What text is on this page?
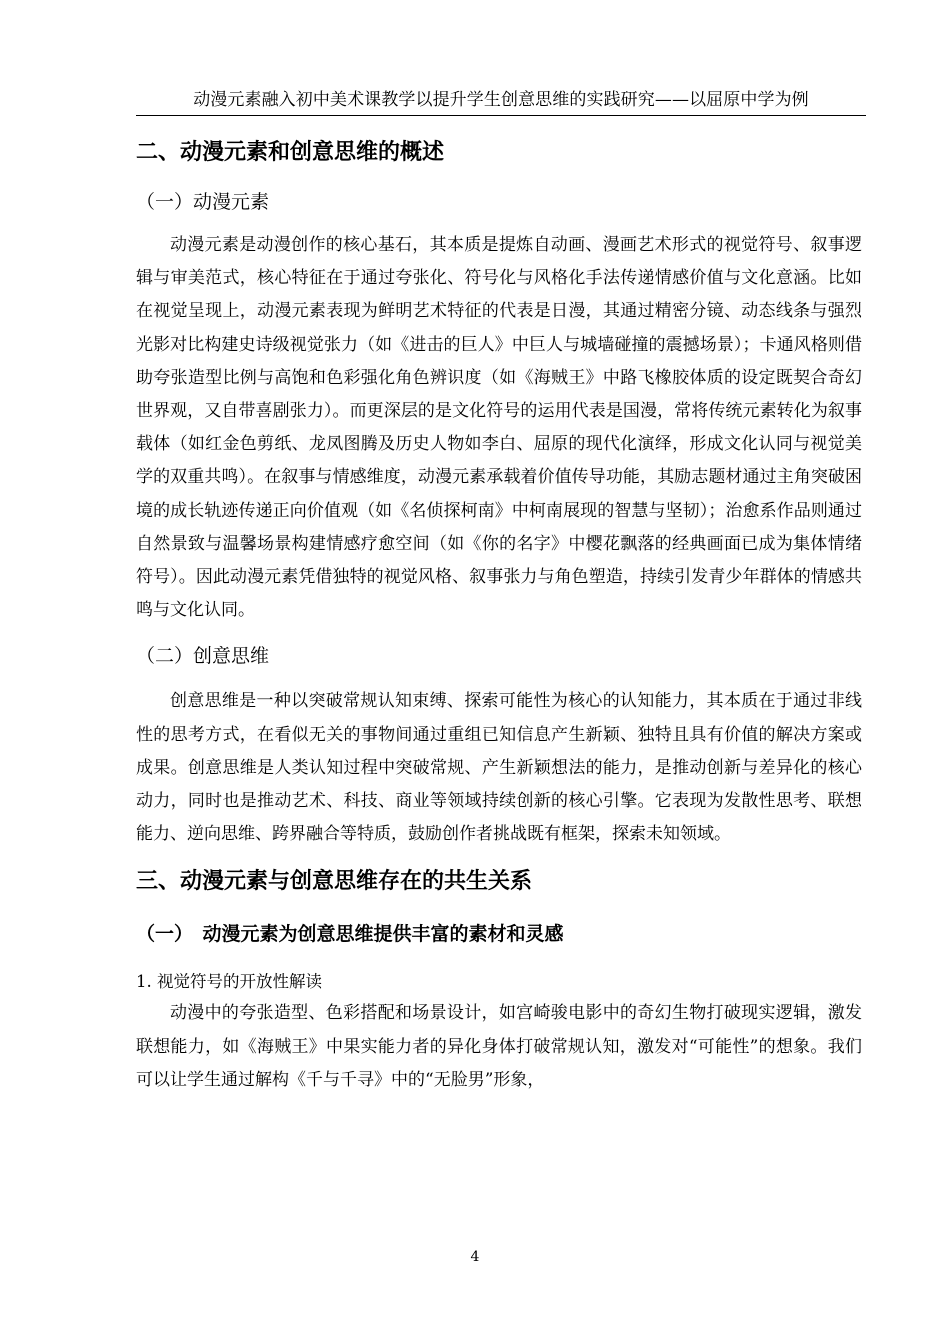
动漫元素融入初中美术课教学以提升学生创意思维的实践研究——以屈原中学为例
二、动漫元素和创意思维的概述
（一）动漫元素

动漫元素是动漫创作的核心基石，其本质是提炼自动画、漫画艺术形式的视觉符号、叙事逻辑与审美范式，核心特征在于通过夸张化、符号化与风格化手法传递情感价值与文化意涵。比如在视觉呈现上，动漫元素表现为鲜明艺术特征的代表是日漫，其通过精密分镜、动态线条与强烈光影对比构建史诗级视觉张力（如《进击的巨人》中巨人与城墙碰撞的震撼场景）；卡通风格则借助夸张造型比例与高饱和色彩强化角色辨识度（如《海贼王》中路飞橡胶体质的设定既契合奇幻世界观，又自带喜剧张力）。而更深层的是文化符号的运用代表是国漫，常将传统元素转化为叙事载体（如红金色剪纸、龙凤图腾及历史人物如李白、屈原的现代化演绎，形成文化认同与视觉美学的双重共鸣）。在叙事与情感维度，动漫元素承载着价值传导功能，其励志题材通过主角突破困境的成长轨迹传递正向价值观（如《名侦探柯南》中柯南展现的智慧与坚韧）；治愈系作品则通过自然景致与温馨场景构建情感疗愈空间（如《你的名字》中樱花飘落的经典画面已成为集体情绪符号）。因此动漫元素凭借独特的视觉风格、叙事张力与角色塑造，持续引发青少年群体的情感共鸣与文化认同。

（二）创意思维

创意思维是一种以突破常规认知束缚、探索可能性为核心的认知能力，其本质在于通过非线性的思考方式，在看似无关的事物间通过重组已知信息产生新颖、独特且具有价值的解决方案或成果。创意思维是人类认知过程中突破常规、产生新颖想法的能力，是推动创新与差异化的核心动力，同时也是推动艺术、科技、商业等领域持续创新的核心引擎。它表现为发散性思考、联想能力、逆向思维、跨界融合等特质，鼓励创作者挑战既有框架，探索未知领域。

三、动漫元素与创意思维存在的共生关系
（一）　动漫元素为创意思维提供丰富的素材和灵感
1. 视觉符号的开放性解读

动漫中的夸张造型、色彩搭配和场景设计，如宫崎骏电影中的奇幻生物打破现实逻辑，激发联想能力，如《海贼王》中果实能力者的异化身体打破常规认知，激发对“可能性”的想象。我们可以让学生通过解构《千与千寻》中的“无脸男”形象，

4
